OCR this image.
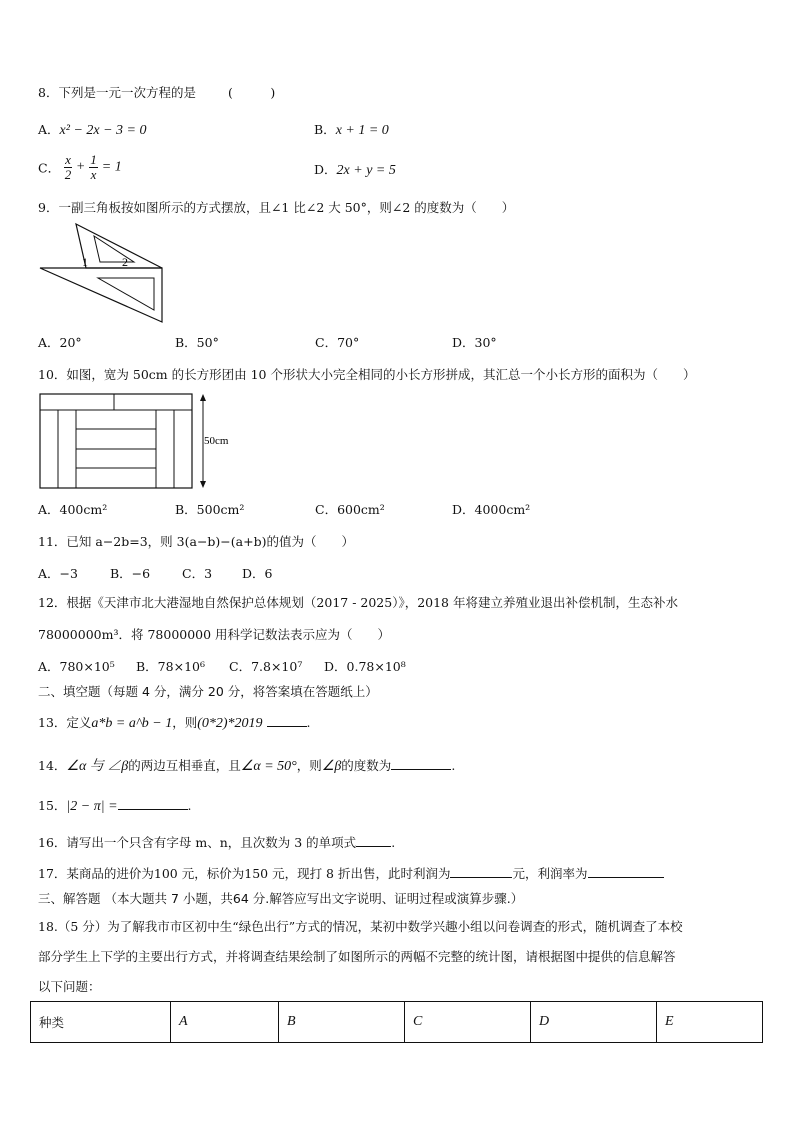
8．下列是一元一次方程的是	(　　　)
A．x² − 2x − 3 = 0	B．x + 1 = 0
C． $\frac{x}{2} + \frac{1}{x} = 1$	D．2x + y = 5
9．一副三角板按如图所示的方式摆放，且∠1 比∠2 大 50°，则∠2 的度数为（　　）
1	2
A．20°	B．50°	C．70°	D．30°
10．如图，宽为 50cm 的长方形团由 10 个形状大小完全相同的小长方形拼成，其汇总一个小长方形的面积为（　　）
50cm
A．400cm²	B．500cm²	C．600cm²	D．4000cm²
11．已知 a−2b=3，则 3(a−b)−(a+b)的值为（　　）
A．−3	B．−6	C．3 D．6
12．根据《天津市北大港湿地自然保护总体规划（2017 - 2025）》，2018 年将建立养殖业退出补偿机制，生态补水
78000000m³．将 78000000 用科学记数法表示应为（　　）
A．780×10⁵ B．78×10⁶ C．7.8×10⁷ D．0.78×10⁸
二、填空题（每题 4 分，满分 20 分，将答案填在答题纸上）
13．定义a*b = a^b − 1，则(0*2)*2019	.
14．∠α 与 ∠β的两边互相垂直，且∠α = 50°，则∠β的度数为	.
15．|2 − π| =	.
16．请写出一个只含有字母 m、n，且次数为 3 的单项式	.
17．某商品的进价为100 元，标价为150 元，现打 8 折出售，此时利润为	元，利润率为
三、解答题 （本大题共 7 小题，共64 分.解答应写出文字说明、证明过程或演算步骤.）
18.（5 分）为了解我市市区初中生“绿色出行”方式的情况，某初中数学兴趣小组以问卷调查的形式，随机调查了本校
部分学生上下学的主要出行方式，并将调查结果绘制了如图所示的两幅不完整的统计图，请根据图中提供的信息解答
以下问题：
种类	A	B	C	D	E
